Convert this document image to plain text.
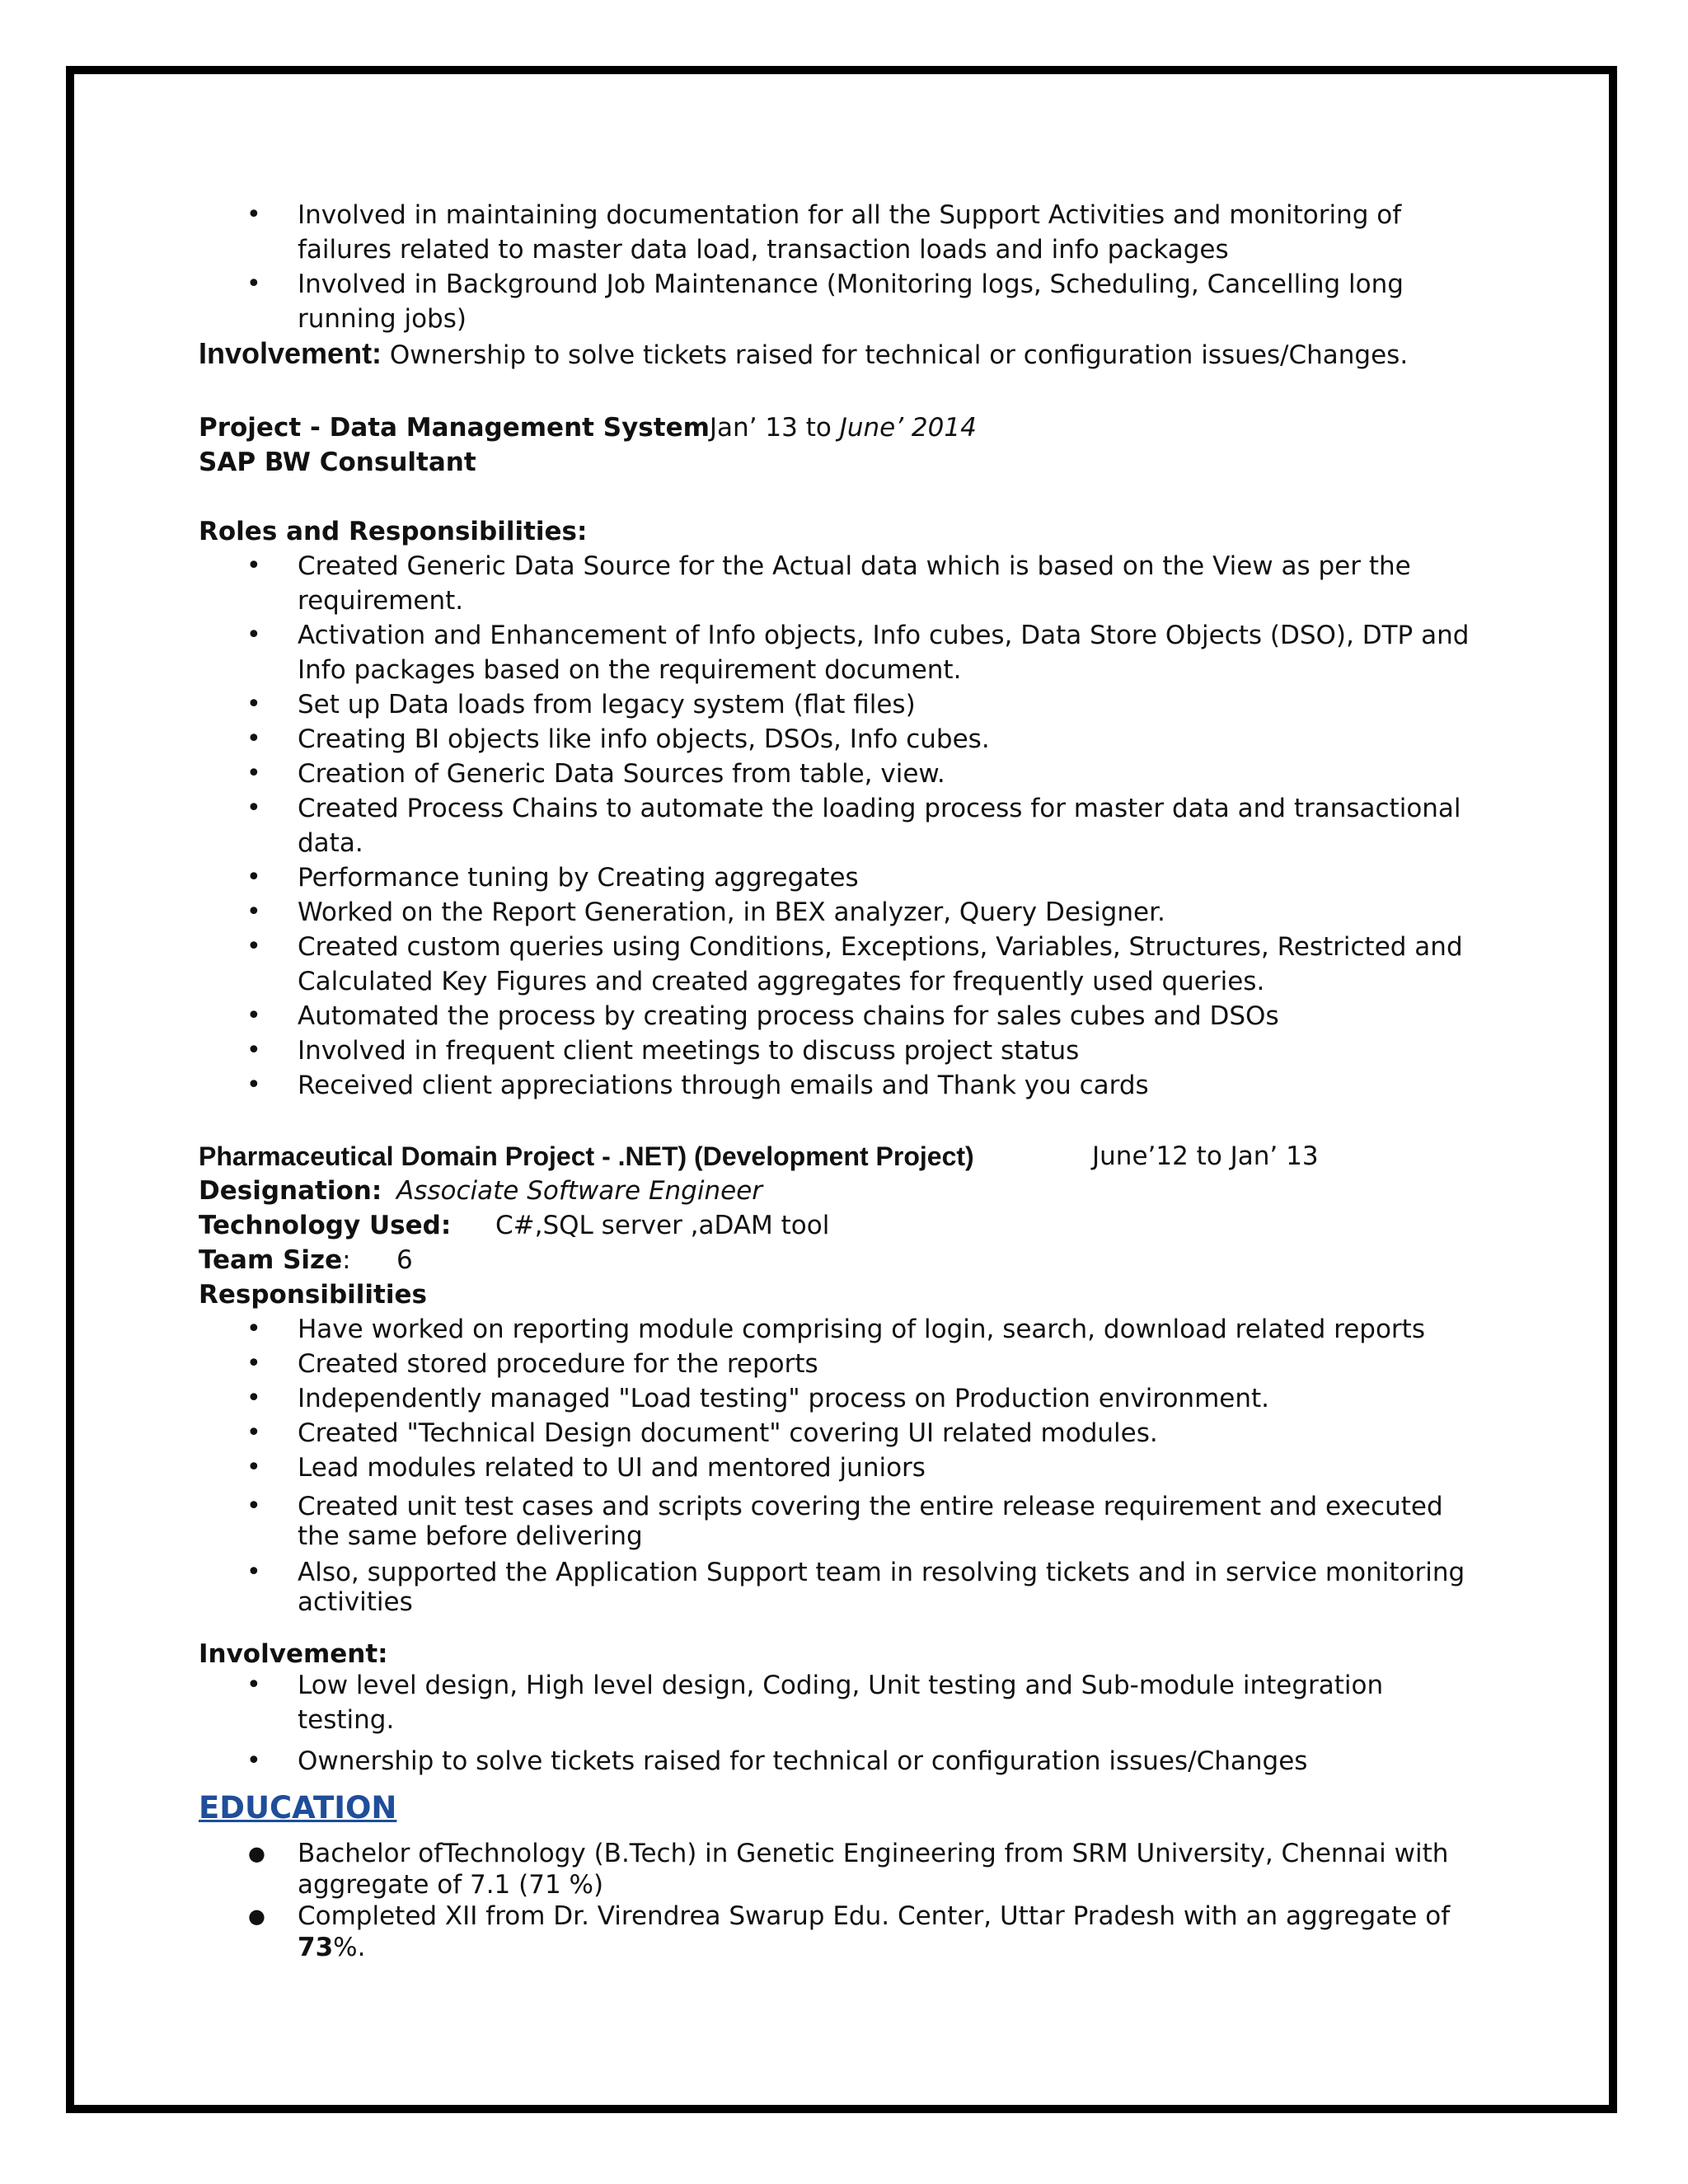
• Involved in maintaining documentation for all the Support Activities and monitoring of failures related to master data load, transaction loads and info packages
• Involved in Background Job Maintenance (Monitoring logs, Scheduling, Cancelling long running jobs)
Involvement: Ownership to solve tickets raised for technical or configuration issues/Changes.
Project - Data Management SystemJan’ 13 to June’ 2014
SAP BW Consultant
Roles and Responsibilities:
• Created Generic Data Source for the Actual data which is based on the View as per the requirement.
• Activation and Enhancement of Info objects, Info cubes, Data Store Objects (DSO), DTP and Info packages based on the requirement document.
• Set up Data loads from legacy system (flat files)
• Creating BI objects like info objects, DSOs, Info cubes.
• Creation of Generic Data Sources from table, view.
• Created Process Chains to automate the loading process for master data and transactional data.
• Performance tuning by Creating aggregates
• Worked on the Report Generation, in BEX analyzer, Query Designer.
• Created custom queries using Conditions, Exceptions, Variables, Structures, Restricted and Calculated Key Figures and created aggregates for frequently used queries.
• Automated the process by creating process chains for sales cubes and DSOs
• Involved in frequent client meetings to discuss project status
• Received client appreciations through emails and Thank you cards
Pharmaceutical Domain Project - .NET) (Development Project)	June’12 to Jan’ 13
Designation: Associate Software Engineer
Technology Used: C#,SQL server ,aDAM tool
Team Size: 6
Responsibilities
• Have worked on reporting module comprising of login, search, download related reports
• Created stored procedure for the reports
• Independently managed "Load testing" process on Production environment.
• Created "Technical Design document" covering UI related modules.
• Lead modules related to UI and mentored juniors
• Created unit test cases and scripts covering the entire release requirement and executed the same before delivering
• Also, supported the Application Support team in resolving tickets and in service monitoring activities
Involvement:
• Low level design, High level design, Coding, Unit testing and Sub-module integration testing.
• Ownership to solve tickets raised for technical or configuration issues/Changes
EDUCATION
● Bachelor ofTechnology (B.Tech) in Genetic Engineering from SRM University, Chennai with aggregate of 7.1 (71 %)
● Completed XII from Dr. Virendrea Swarup Edu. Center, Uttar Pradesh with an aggregate of 73%.
